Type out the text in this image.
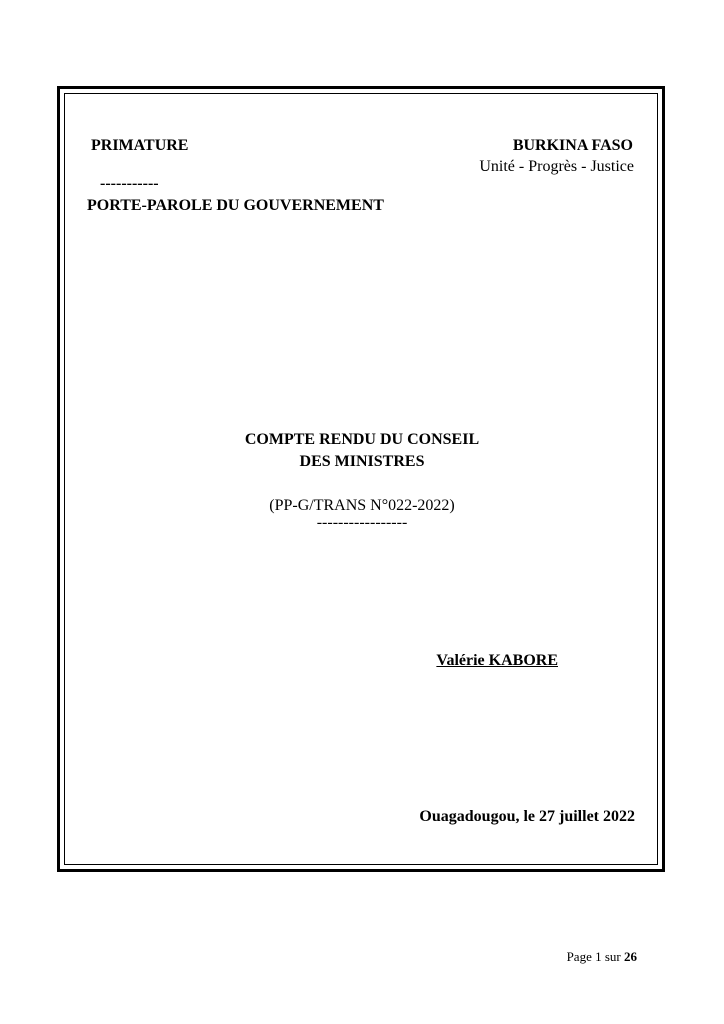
PRIMATURE
-----------
PORTE-PAROLE DU GOUVERNEMENT
BURKINA FASO
Unité - Progrès - Justice
COMPTE RENDU DU CONSEIL
DES MINISTRES
(PP-G/TRANS N°022-2022)
-----------------
Valérie KABORE
Ouagadougou, le 27 juillet 2022
Page 1 sur 26
